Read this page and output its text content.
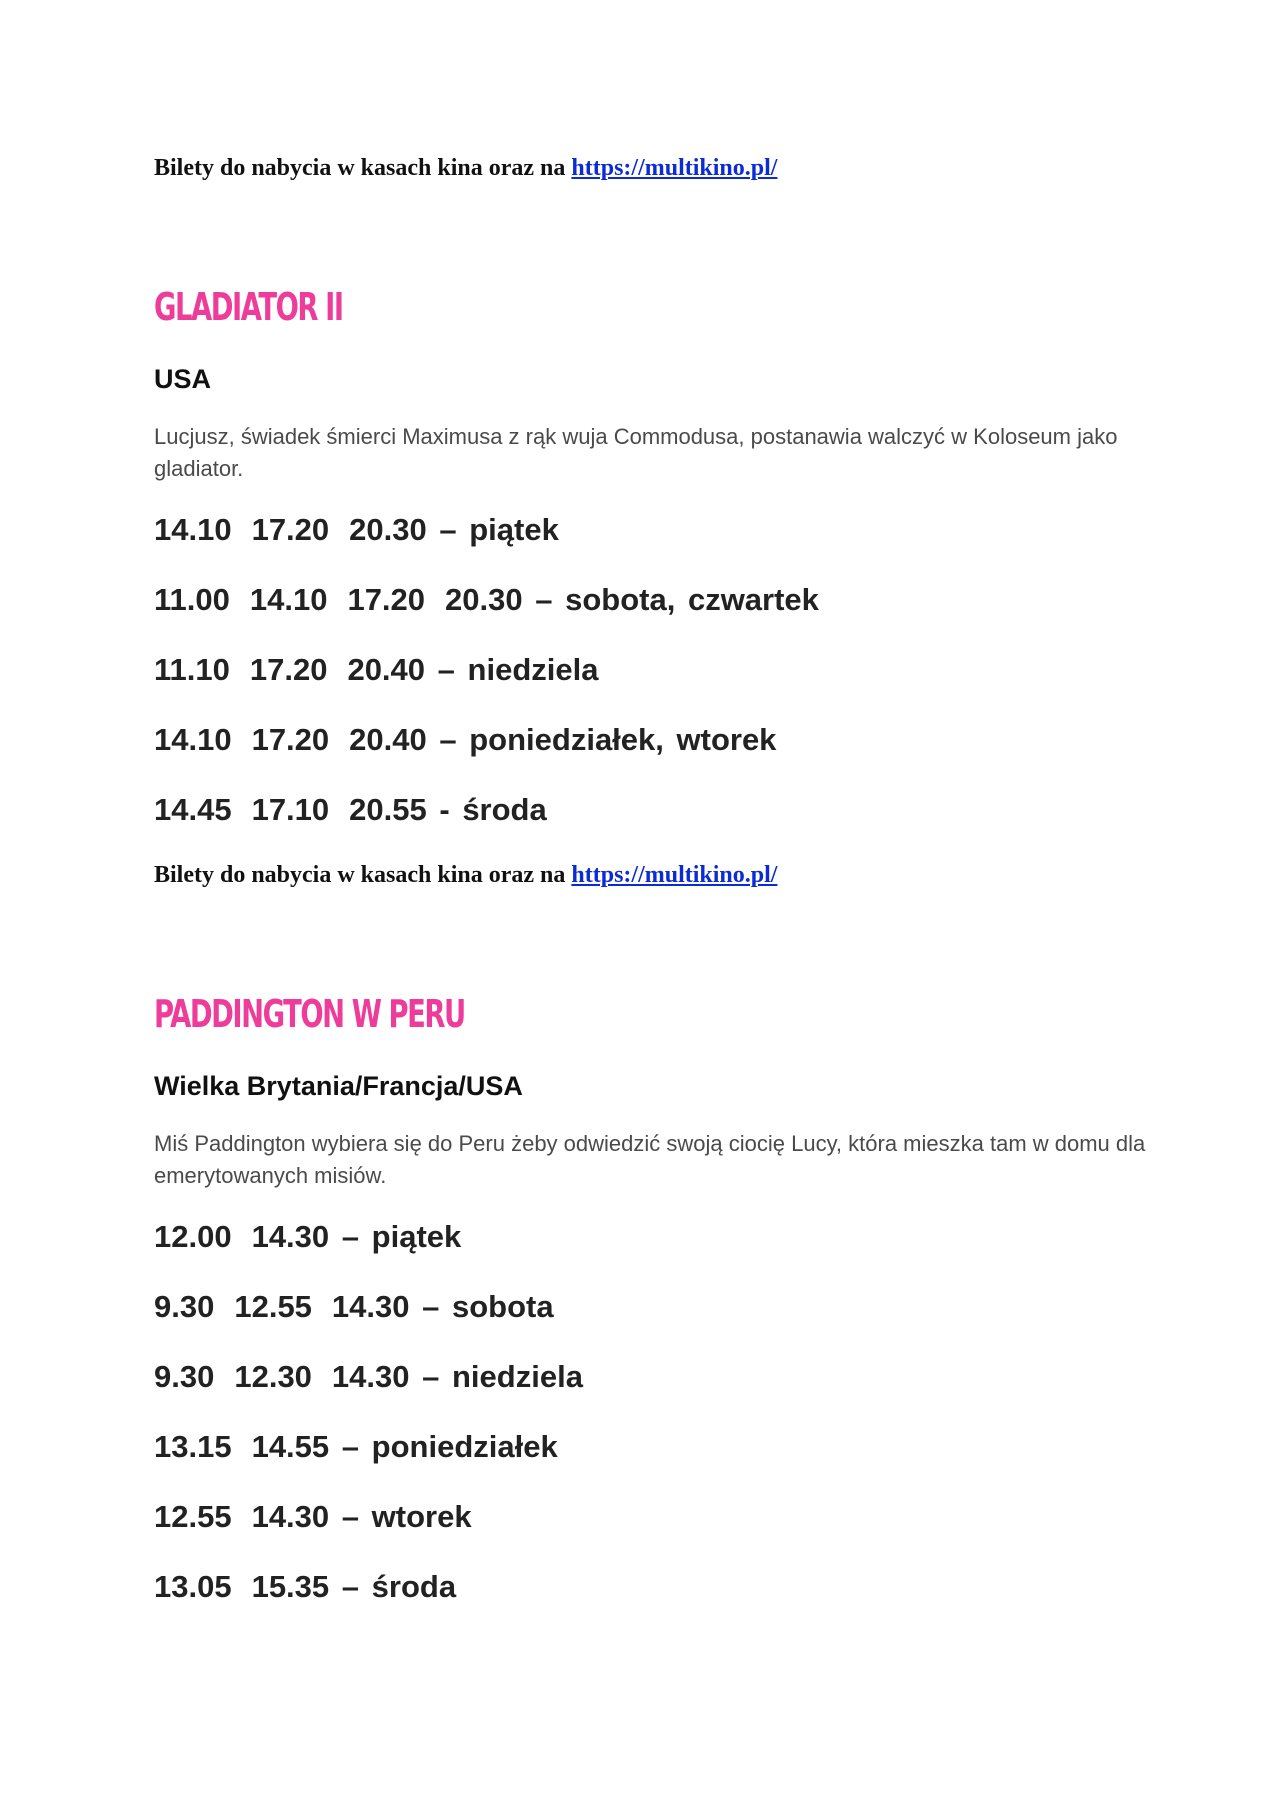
Bilety do nabycia w kasach kina oraz na https://multikino.pl/
GLADIATOR II
USA
Lucjusz, świadek śmierci Maximusa z rąk wuja Commodusa, postanawia walczyć w Koloseum jako gladiator.
14.10 17.20 20.30 – piątek
11.00 14.10 17.20 20.30 – sobota, czwartek
11.10 17.20 20.40 – niedziela
14.10 17.20 20.40 – poniedziałek, wtorek
14.45 17.10 20.55 - środa
Bilety do nabycia w kasach kina oraz na https://multikino.pl/
PADDINGTON W PERU
Wielka Brytania/Francja/USA
Miś Paddington wybiera się do Peru żeby odwiedzić swoją ciocię Lucy, która mieszka tam w domu dla emerytowanych misiów.
12.00 14.30 – piątek
9.30 12.55 14.30 – sobota
9.30 12.30 14.30 – niedziela
13.15 14.55 – poniedziałek
12.55 14.30 – wtorek
13.05 15.35 – środa
